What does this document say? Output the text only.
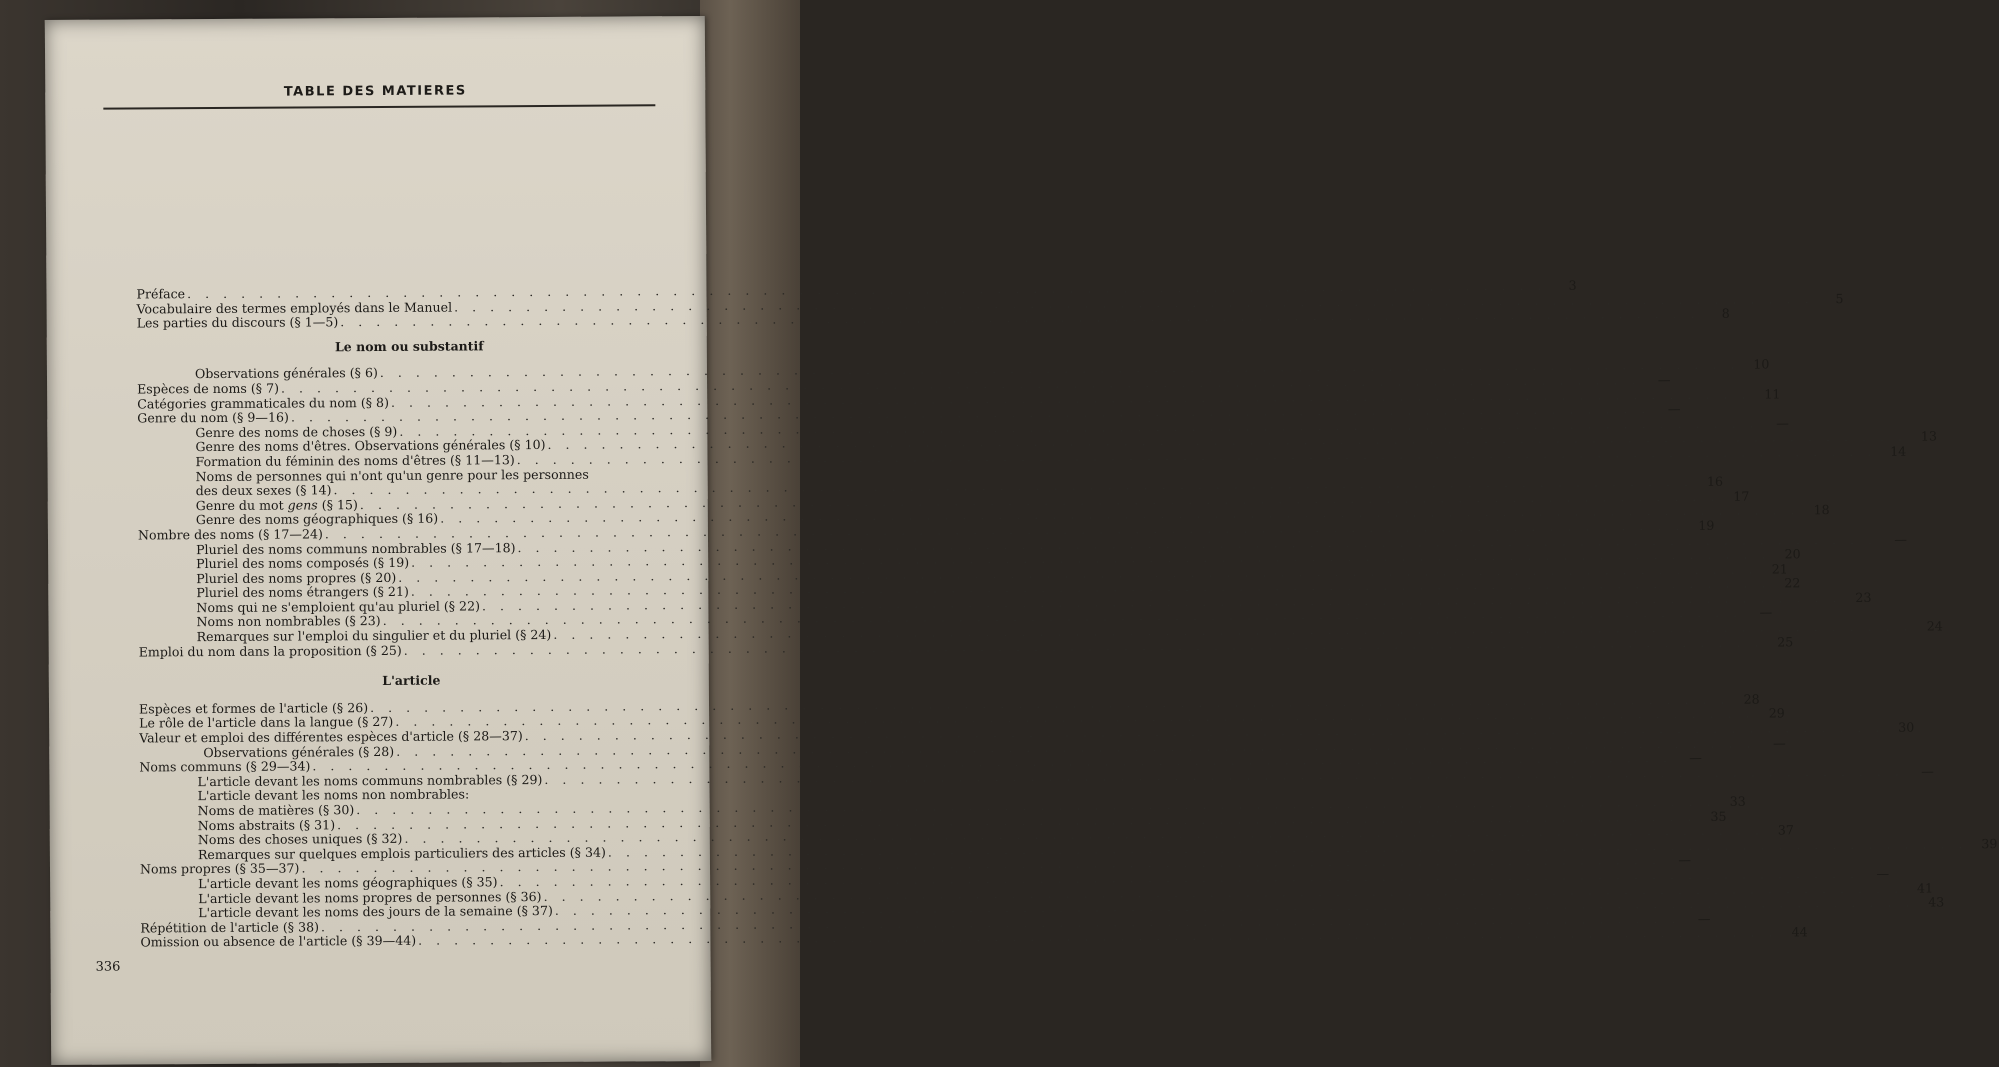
TABLE DES MATIERES
Préface
. . .
3
Vocabulaire des termes employés dans le Manuel
. . .
5
Les parties du discours (§ 1—5)
. . .
8
Le nom ou substantif
Observations générales (§ 6)
. . .
10
Espèces de noms (§ 7)
. . .
—
Catégories grammaticales du nom (§ 8)
. . .
11
Genre du nom (§ 9—16)
. . .
—
Genre des noms de choses (§ 9)
. . .
—
Genre des noms d'êtres. Observations générales (§ 10)
. . .
13
Formation du féminin des noms d'êtres (§ 11—13)
. . .
14
Noms de personnes qui n'ont qu'un genre pour les personnes
des deux sexes (§ 14)
. . .
16
Genre du mot gens (§ 15)
. . .
17
Genre des noms géographiques (§ 16)
. . .
18
Nombre des noms (§ 17—24)
. . .
19
Pluriel des noms communs nombrables (§ 17—18)
. . .
—
Pluriel des noms composés (§ 19)
. . .
20
Pluriel des noms propres (§ 20)
. . .
21
Pluriel des noms étrangers (§ 21)
. . .
22
Noms qui ne s'emploient qu'au pluriel (§ 22)
. . .
23
Noms non nombrables (§ 23)
. . .
—
Remarques sur l'emploi du singulier et du pluriel (§ 24)
. . .
24
Emploi du nom dans la proposition (§ 25)
. . .
25
L'article
Espèces et formes de l'article (§ 26)
. . .
28
Le rôle de l'article dans la langue (§ 27)
. . .
29
Valeur et emploi des différentes espèces d'article (§ 28—37)
. . .
30
Observations générales (§ 28)
. . .
—
Noms communs (§ 29—34)
. . .
—
L'article devant les noms communs nombrables (§ 29)
. . .
—
L'article devant les noms non nombrables:
Noms de matières (§ 30)
. . .
33
Noms abstraits (§ 31)
. . .
35
Noms des choses uniques (§ 32)
. . .
37
Remarques sur quelques emplois particuliers des articles (§ 34)
. . .
39
Noms propres (§ 35—37)
. . .
—
L'article devant les noms géographiques (§ 35)
. . .
—
L'article devant les noms propres de personnes (§ 36)
. . .
41
L'article devant les noms des jours de la semaine (§ 37)
. . .
43
Répétition de l'article (§ 38)
. . .
—
Omission ou absence de l'article (§ 39—44)
. . .
44
336
